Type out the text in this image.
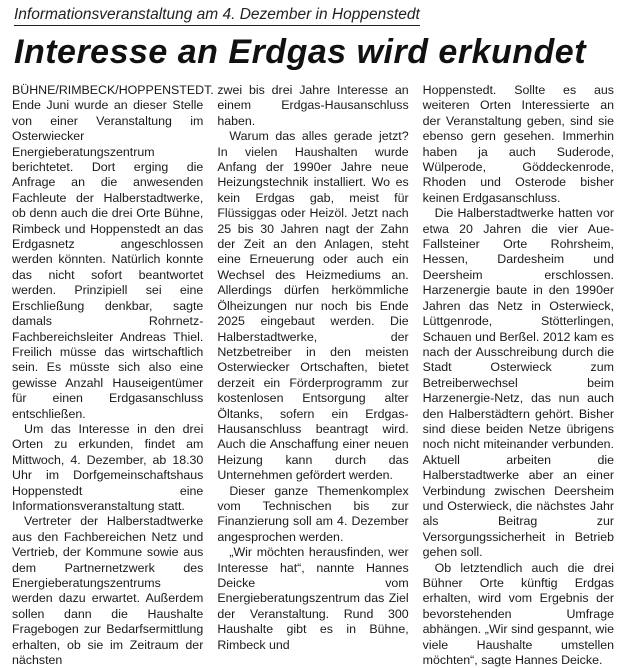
Informationsveranstaltung am 4. Dezember in Hoppenstedt
Interesse an Erdgas wird erkundet

BÜHNE/RIMBECK/HOPPENSTEDT. Ende Juni wurde an dieser Stelle von einer Veranstaltung im Osterwiecker Energieberatungszentrum berichtetet. Dort erging die Anfrage an die anwesenden Fachleute der Halberstadtwerke, ob denn auch die drei Orte Bühne, Rimbeck und Hoppenstedt an das Erdgasnetz angeschlossen werden könnten. Natürlich konnte das nicht sofort beantwortet werden. Prinzipiell sei eine Erschließung denkbar, sagte damals Rohrnetz-Fachbereichsleiter Andreas Thiel. Freilich müsse das wirtschaftlich sein. Es müsste sich also eine gewisse Anzahl Hauseigentümer für einen Erdgasanschluss entschließen.

Um das Interesse in den drei Orten zu erkunden, findet am Mittwoch, 4. Dezember, ab 18.30 Uhr im Dorfgemeinschaftshaus Hoppenstedt eine Informationsveranstaltung statt.

Vertreter der Halberstadtwerke aus den Fachbereichen Netz und Vertrieb, der Kommune sowie aus dem Partnernetzwerk des Energieberatungszentrums werden dazu erwartet. Außerdem sollen dann die Haushalte Fragebogen zur Bedarfsermittlung erhalten, ob sie im Zeitraum der nächsten

zwei bis drei Jahre Interesse an einem Erdgas-Hausanschluss haben.

Warum das alles gerade jetzt? In vielen Haushalten wurde Anfang der 1990er Jahre neue Heizungstechnik installiert. Wo es kein Erdgas gab, meist für Flüssiggas oder Heizöl. Jetzt nach 25 bis 30 Jahren nagt der Zahn der Zeit an den Anlagen, steht eine Erneuerung oder auch ein Wechsel des Heizmediums an. Allerdings dürfen herkömmliche Ölheizungen nur noch bis Ende 2025 eingebaut werden. Die Halberstadtwerke, der Netzbetreiber in den meisten Osterwiecker Ortschaften, bietet derzeit ein Förderprogramm zur kostenlosen Entsorgung alter Öltanks, sofern ein Erdgas-Hausanschluss beantragt wird. Auch die Anschaffung einer neuen Heizung kann durch das Unternehmen gefördert werden.

Dieser ganze Themenkomplex vom Technischen bis zur Finanzierung soll am 4. Dezember angesprochen werden.

„Wir möchten herausfinden, wer Interesse hat“, nannte Hannes Deicke vom Energieberatungszentrum das Ziel der Veranstaltung. Rund 300 Haushalte gibt es in Bühne, Rimbeck und

Hoppenstedt. Sollte es aus weiteren Orten Interessierte an der Veranstaltung geben, sind sie ebenso gern gesehen. Immerhin haben ja auch Suderode, Wülperode, Göddeckenrode, Rhoden und Osterode bisher keinen Erdgasanschluss.

Die Halberstadtwerke hatten vor etwa 20 Jahren die vier Aue-Fallsteiner Orte Rohrsheim, Hessen, Dardesheim und Deersheim erschlossen. Harzenergie baute in den 1990er Jahren das Netz in Osterwieck, Lüttgenrode, Stötterlingen, Schauen und Berßel. 2012 kam es nach der Ausschreibung durch die Stadt Osterwieck zum Betreiberwechsel beim Harzenergie-Netz, das nun auch den Halberstädtern gehört. Bisher sind diese beiden Netze übrigens noch nicht miteinander verbunden. Aktuell arbeiten die Halberstadtwerke aber an einer Verbindung zwischen Deersheim und Osterwieck, die nächstes Jahr als Beitrag zur Versorgungssicherheit in Betrieb gehen soll.

Ob letztendlich auch die drei Bühner Orte künftig Erdgas erhalten, wird vom Ergebnis der bevorstehenden Umfrage abhängen. „Wir sind gespannt, wie viele Haushalte umstellen möchten“, sagte Hannes Deicke.
